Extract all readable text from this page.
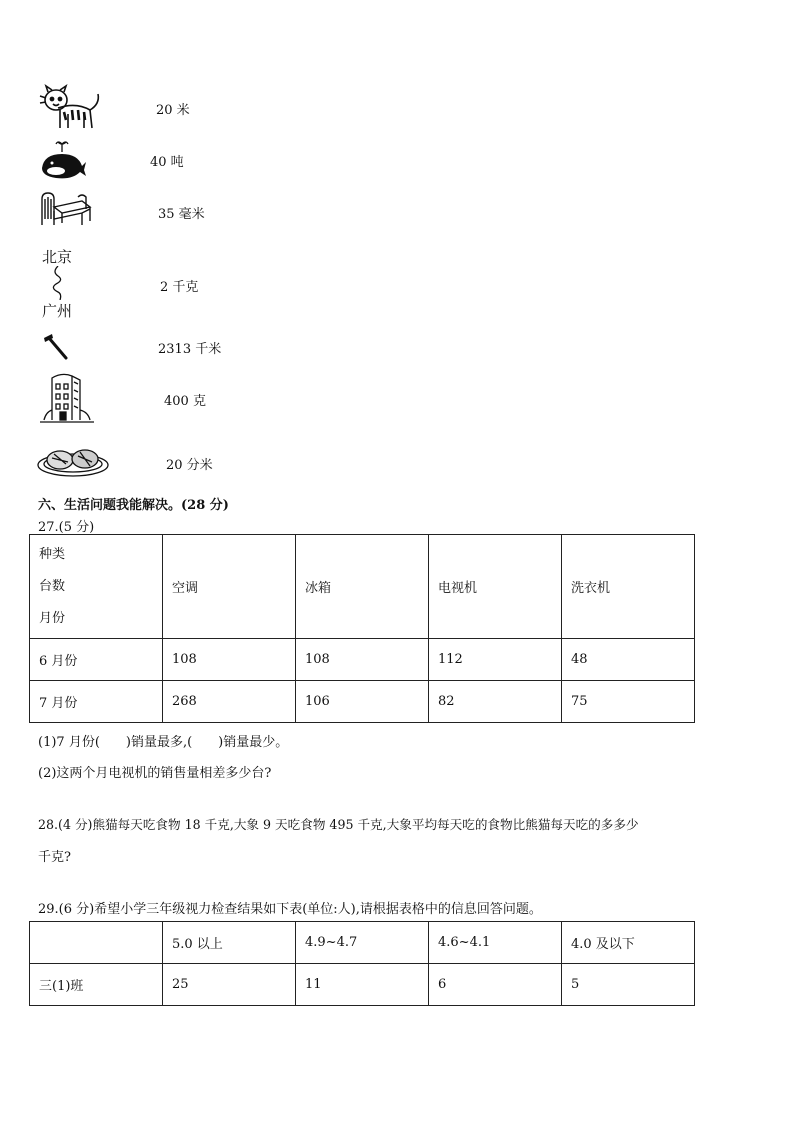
20 米
40 吨
35 毫米
北京
广州
2 千克
2313 千米
400 克
20 分米
六、生活问题我能解决。(28 分)
27.(5 分)
种类
台数
月份	空调	冰箱	电视机	洗衣机
6 月份	108	108	112	48
7 月份	268	106	82	75
(1)7 月份(　　)销量最多,(　　)销量最少。
(2)这两个月电视机的销售量相差多少台?
28.(4 分)熊猫每天吃食物 18 千克,大象 9 天吃食物 495 千克,大象平均每天吃的食物比熊猫每天吃的多多少
千克?
29.(6 分)希望小学三年级视力检查结果如下表(单位:人),请根据表格中的信息回答问题。
	5.0 以上	4.9~4.7	4.6~4.1	4.0 及以下
三(1)班	25	11	6	5
